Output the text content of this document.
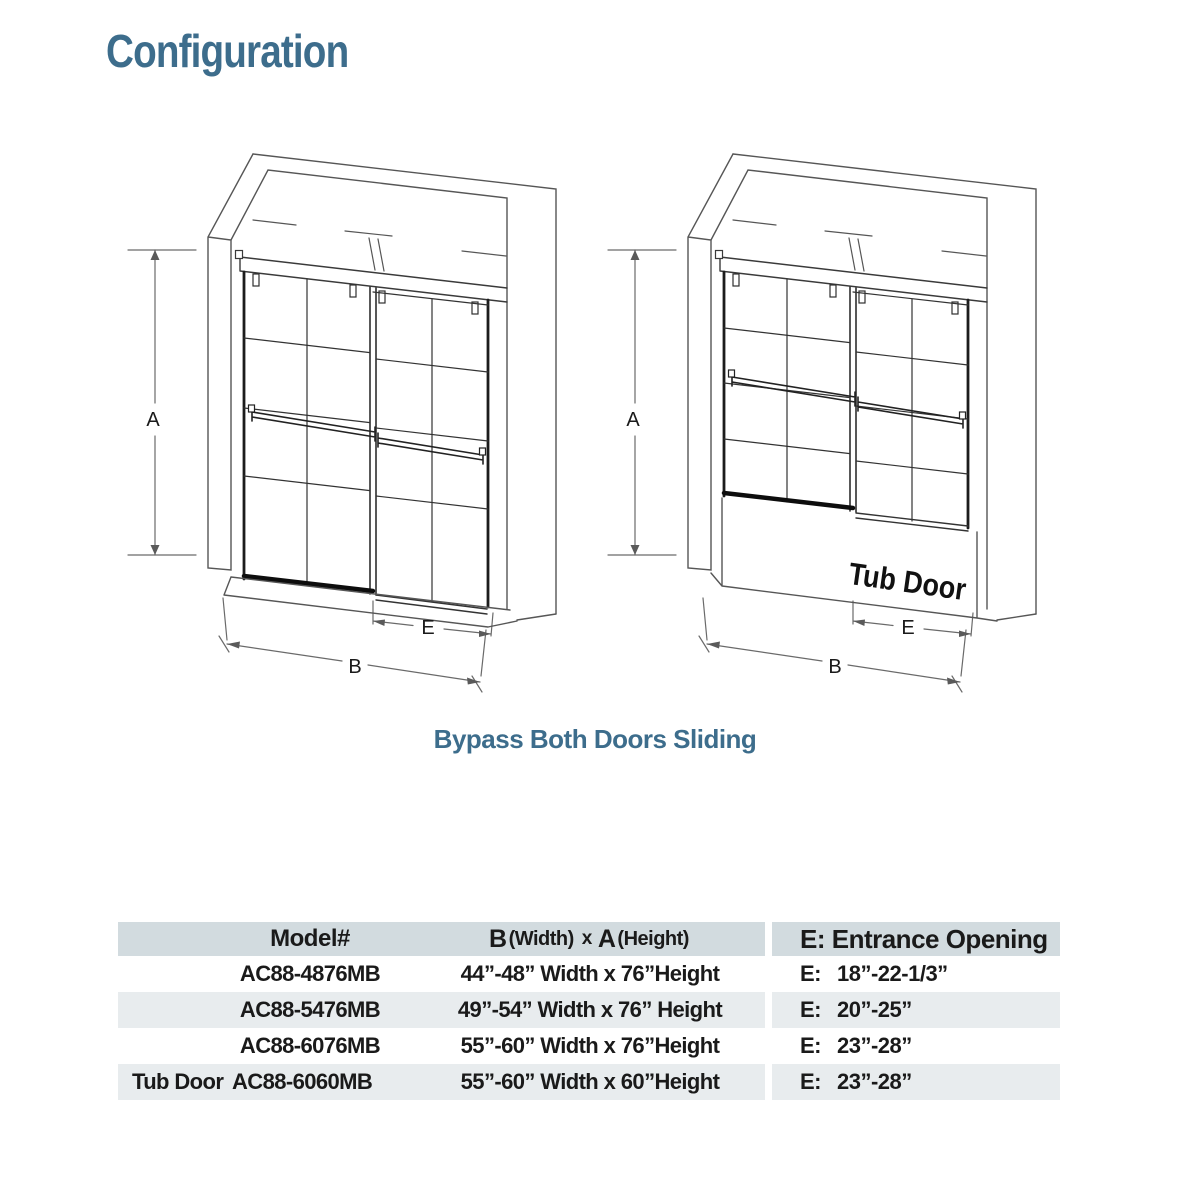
Configuration
A
B
E
Tub Door
A
B
E
Bypass Both Doors Sliding
Model#	B (Width) x A (Height)	E: Entrance Opening
AC88-4876MB	44”-48” Width x 76”Height	E: 18”-22-1/3”
AC88-5476MB	49”-54” Width x 76” Height	E: 20”-25”
AC88-6076MB	55”-60” Width x 76”Height	E: 23”-28”
Tub Door AC88-6060MB	55”-60” Width x 60”Height	E: 23”-28”
